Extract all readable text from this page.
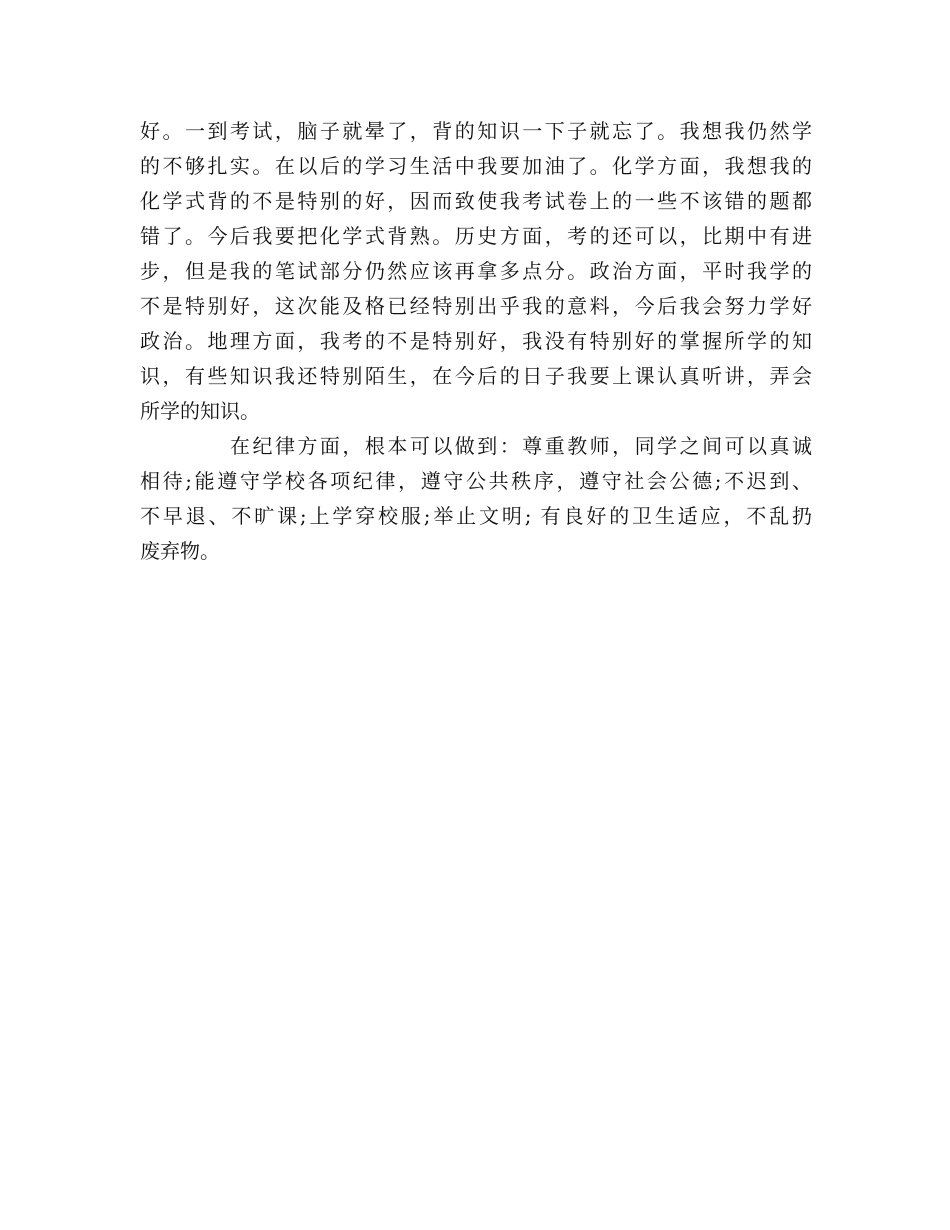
好。一到考试，脑子就晕了，背的知识一下子就忘了。我想我仍然学
的不够扎实。在以后的学习生活中我要加油了。化学方面，我想我的
化学式背的不是特别的好，因而致使我考试卷上的一些不该错的题都
错了。今后我要把化学式背熟。历史方面，考的还可以，比期中有进
步，但是我的笔试部分仍然应该再拿多点分。政治方面，平时我学的
不是特别好，这次能及格已经特别出乎我的意料，今后我会努力学好
政治。地理方面，我考的不是特别好，我没有特别好的掌握所学的知
识，有些知识我还特别陌生，在今后的日子我要上课认真听讲，弄会
所学的知识。
在纪律方面，根本可以做到：尊重教师，同学之间可以真诚
相待;能遵守学校各项纪律，遵守公共秩序，遵守社会公德;不迟到、
不早退、不旷课;上学穿校服;举止文明; 有良好的卫生适应，不乱扔
废弃物。
